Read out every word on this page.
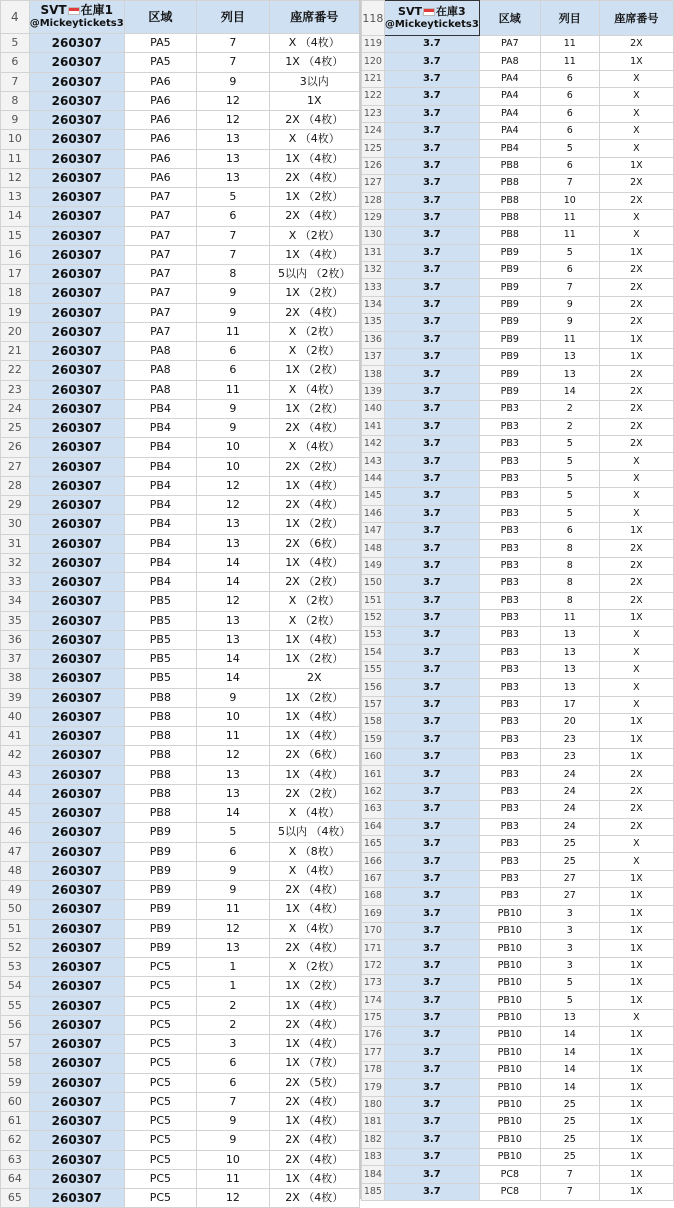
4	SVT 在庫1
@Mickeytickets3	区域	列目	座席番号
5	260307	PA5	7	X （4枚）
6	260307	PA5	7	1X （4枚）
7	260307	PA6	9	3以内
8	260307	PA6	12	1X
9	260307	PA6	12	2X （4枚）
10	260307	PA6	13	X （4枚）
11	260307	PA6	13	1X （4枚）
12	260307	PA6	13	2X （4枚）
13	260307	PA7	5	1X （2枚）
14	260307	PA7	6	2X （4枚）
15	260307	PA7	7	X （2枚）
16	260307	PA7	7	1X （4枚）
17	260307	PA7	8	5以内 （2枚）
18	260307	PA7	9	1X （2枚）
19	260307	PA7	9	2X （4枚）
20	260307	PA7	11	X （2枚）
21	260307	PA8	6	X （2枚）
22	260307	PA8	6	1X （2枚）
23	260307	PA8	11	X （4枚）
24	260307	PB4	9	1X （2枚）
25	260307	PB4	9	2X （4枚）
26	260307	PB4	10	X （4枚）
27	260307	PB4	10	2X （2枚）
28	260307	PB4	12	1X （4枚）
29	260307	PB4	12	2X （4枚）
30	260307	PB4	13	1X （2枚）
31	260307	PB4	13	2X （6枚）
32	260307	PB4	14	1X （4枚）
33	260307	PB4	14	2X （2枚）
34	260307	PB5	12	X （2枚）
35	260307	PB5	13	X （2枚）
36	260307	PB5	13	1X （4枚）
37	260307	PB5	14	1X （2枚）
38	260307	PB5	14	2X
39	260307	PB8	9	1X （2枚）
40	260307	PB8	10	1X （4枚）
41	260307	PB8	11	1X （4枚）
42	260307	PB8	12	2X （6枚）
43	260307	PB8	13	1X （4枚）
44	260307	PB8	13	2X （2枚）
45	260307	PB8	14	X （4枚）
46	260307	PB9	5	5以内 （4枚）
47	260307	PB9	6	X （8枚）
48	260307	PB9	9	X （4枚）
49	260307	PB9	9	2X （4枚）
50	260307	PB9	11	1X （4枚）
51	260307	PB9	12	X （4枚）
52	260307	PB9	13	2X （4枚）
53	260307	PC5	1	X （2枚）
54	260307	PC5	1	1X （2枚）
55	260307	PC5	2	1X （4枚）
56	260307	PC5	2	2X （4枚）
57	260307	PC5	3	1X （4枚）
58	260307	PC5	6	1X （7枚）
59	260307	PC5	6	2X （5枚）
60	260307	PC5	7	2X （4枚）
61	260307	PC5	9	1X （4枚）
62	260307	PC5	9	2X （4枚）
63	260307	PC5	10	2X （4枚）
64	260307	PC5	11	1X （4枚）
65	260307	PC5	12	2X （4枚）
118	SVT 在庫3
@Mickeytickets3	区域	列目	座席番号
119	3.7	PA7	11	2X
120	3.7	PA8	11	1X
121	3.7	PA4	6	X
122	3.7	PA4	6	X
123	3.7	PA4	6	X
124	3.7	PA4	6	X
125	3.7	PB4	5	X
126	3.7	PB8	6	1X
127	3.7	PB8	7	2X
128	3.7	PB8	10	2X
129	3.7	PB8	11	X
130	3.7	PB8	11	X
131	3.7	PB9	5	1X
132	3.7	PB9	6	2X
133	3.7	PB9	7	2X
134	3.7	PB9	9	2X
135	3.7	PB9	9	2X
136	3.7	PB9	11	1X
137	3.7	PB9	13	1X
138	3.7	PB9	13	2X
139	3.7	PB9	14	2X
140	3.7	PB3	2	2X
141	3.7	PB3	2	2X
142	3.7	PB3	5	2X
143	3.7	PB3	5	X
144	3.7	PB3	5	X
145	3.7	PB3	5	X
146	3.7	PB3	5	X
147	3.7	PB3	6	1X
148	3.7	PB3	8	2X
149	3.7	PB3	8	2X
150	3.7	PB3	8	2X
151	3.7	PB3	8	2X
152	3.7	PB3	11	1X
153	3.7	PB3	13	X
154	3.7	PB3	13	X
155	3.7	PB3	13	X
156	3.7	PB3	13	X
157	3.7	PB3	17	X
158	3.7	PB3	20	1X
159	3.7	PB3	23	1X
160	3.7	PB3	23	1X
161	3.7	PB3	24	2X
162	3.7	PB3	24	2X
163	3.7	PB3	24	2X
164	3.7	PB3	24	2X
165	3.7	PB3	25	X
166	3.7	PB3	25	X
167	3.7	PB3	27	1X
168	3.7	PB3	27	1X
169	3.7	PB10	3	1X
170	3.7	PB10	3	1X
171	3.7	PB10	3	1X
172	3.7	PB10	3	1X
173	3.7	PB10	5	1X
174	3.7	PB10	5	1X
175	3.7	PB10	13	X
176	3.7	PB10	14	1X
177	3.7	PB10	14	1X
178	3.7	PB10	14	1X
179	3.7	PB10	14	1X
180	3.7	PB10	25	1X
181	3.7	PB10	25	1X
182	3.7	PB10	25	1X
183	3.7	PB10	25	1X
184	3.7	PC8	7	1X
185	3.7	PC8	7	1X
